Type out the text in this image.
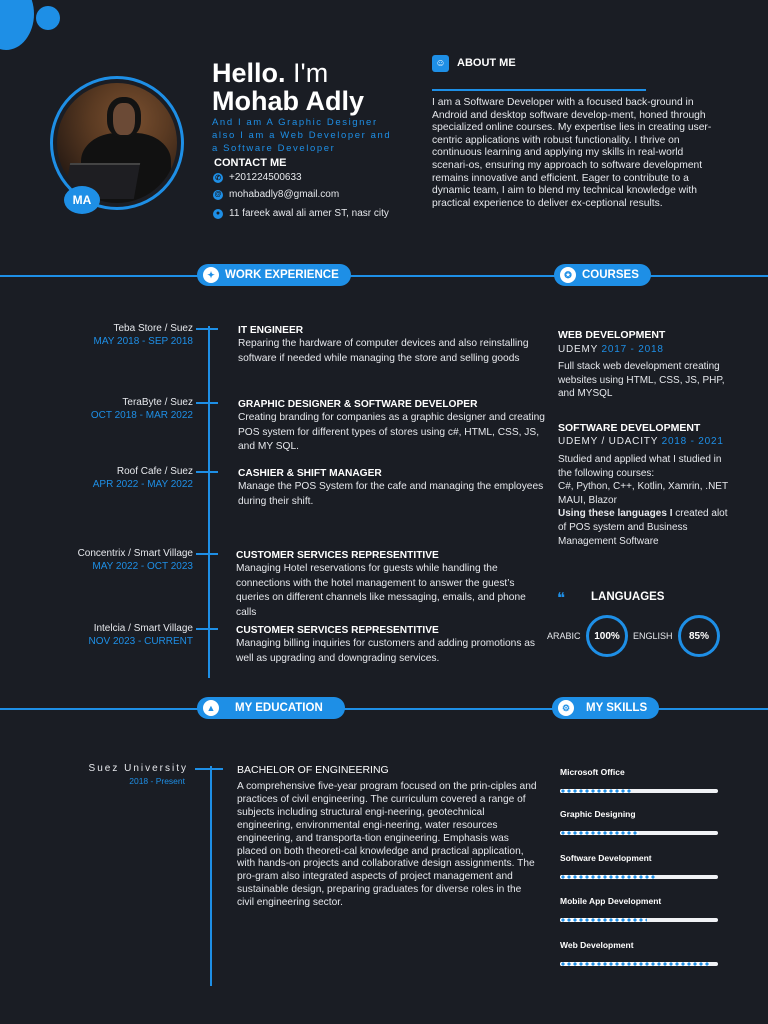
MA
Hello. I'm
Mohab Adly
And I am A Graphic Designer also I am a Web Developer and a Software Developer
CONTACT ME
✆ +201224500633
@ mohabadly8@gmail.com
● 11 fareek awal ali amer ST, nasr city
☺	ABOUT ME
I am a Software Developer with a focused back-ground in Android and desktop software develop-ment, honed through specialized online courses. My expertise lies in creating user-centric applications with robust functionality. I thrive on continuous learning and applying my skills in real-world scenari-os, ensuring my approach to software development remains innovative and efficient. Eager to contribute to a dynamic team, I aim to blend my technical knowledge with practical experience to deliver ex-ceptional results.
✦ WORK EXPERIENCE	✪ COURSES
Teba Store / Suez
MAY 2018 - SEP 2018
IT ENGINEER
Reparing the hardware of computer devices and also reinstalling software if needed while managing the store and selling goods
TeraByte / Suez
OCT 2018 - MAR 2022
GRAPHIC DESIGNER & SOFTWARE DEVELOPER
Creating branding for companies as a graphic designer and creating POS system for different types of stores using c#, HTML, CSS, JS, and MY SQL.
Roof Cafe / Suez
APR 2022 - MAY 2022
CASHIER & SHIFT MANAGER
Manage the POS System for the cafe and managing the employees during their shift.
Concentrix / Smart Village
MAY 2022 - OCT 2023
CUSTOMER SERVICES REPRESENTITIVE
Managing Hotel reservations for guests while handling the connections with the hotel management to answer the guest’s queries on different channels like messaging, emails, and phone calls
Intelcia / Smart Village
NOV 2023 - CURRENT
CUSTOMER SERVICES REPRESENTITIVE
Managing billing inquiries for customers and adding promotions as well as upgrading and downgrading services.
WEB DEVELOPMENT
UDEMY 2017 - 2018
Full stack web development creating websites using HTML, CSS, JS, PHP, and MYSQL
SOFTWARE DEVELOPMENT
UDEMY / UDACITY 2018 - 2021
Studied and applied what I studied in the following courses:
C#, Python, C++, Kotlin, Xamrin, .NET MAUI, Blazor
Using these languages I created alot of POS system and Business Management Software
❝	LANGUAGES
ARABIC	100%	ENGLISH	85%
▲	MY EDUCATION	⚙	MY SKILLS
Suez University
2018 - Present
BACHELOR OF ENGINEERING
A comprehensive five-year program focused on the prin-ciples and practices of civil engineering. The curriculum covered a range of subjects including structural engi-neering, geotechnical engineering, environmental engi-neering, water resources engineering, and transporta-tion engineering. Emphasis was placed on both theoreti-cal knowledge and practical application, with hands-on projects and collaborative design assignments. The pro-gram also integrated aspects of project management and sustainable design, preparing graduates for diverse roles in the civil engineering sector.
Microsoft Office
Graphic Designing
Software Development
Mobile App Development
Web Development
